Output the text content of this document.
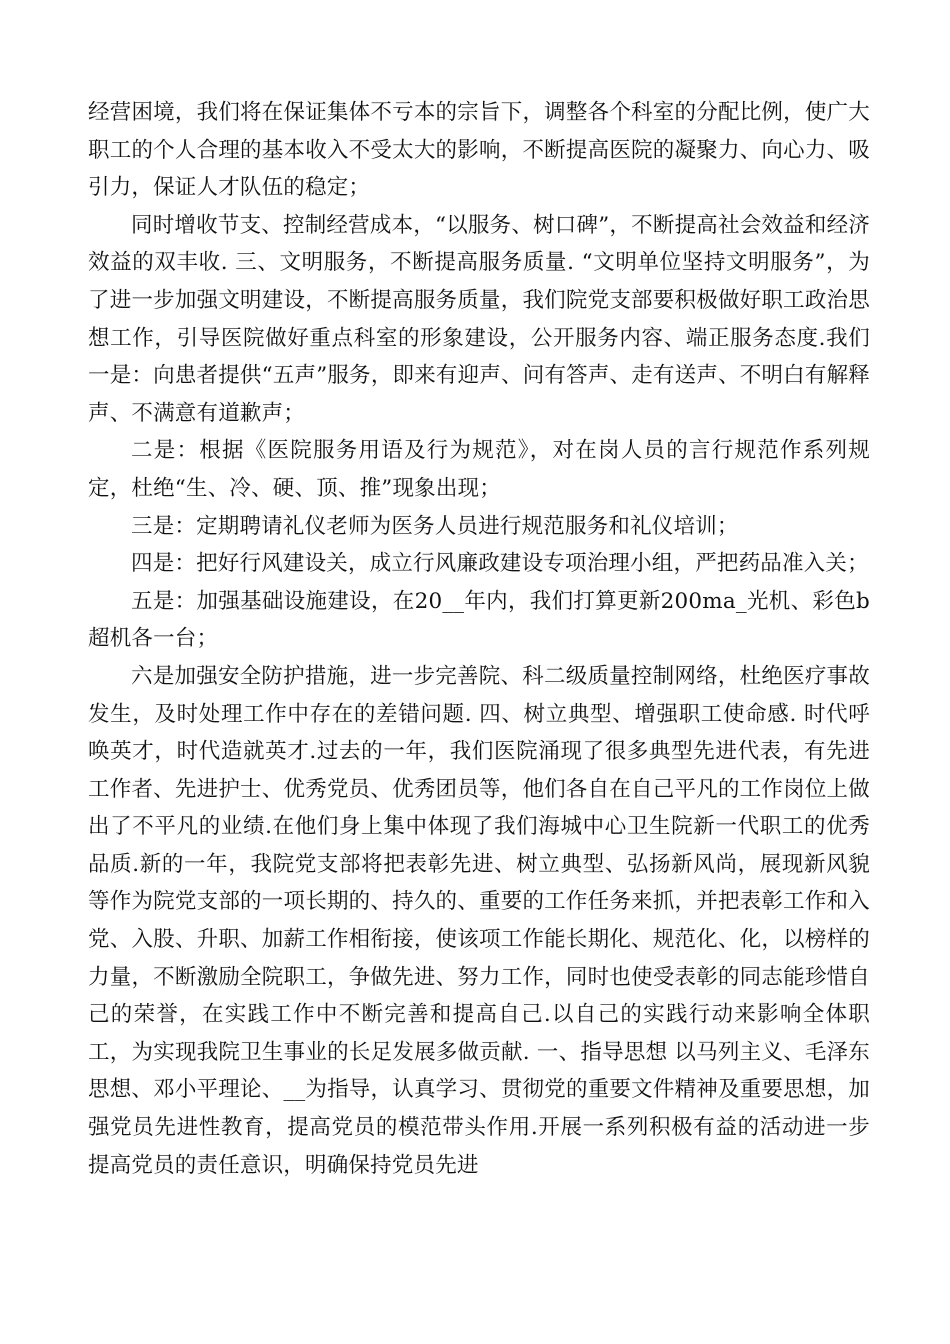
经营困境，我们将在保证集体不亏本的宗旨下，调整各个科室的分配比例，使广大职工的个人合理的基本收入不受太大的影响，不断提高医院的凝聚力、向心力、吸引力，保证人才队伍的稳定；

同时增收节支、控制经营成本，“以服务、树口碑”，不断提高社会效益和经济效益的双丰收. 三、文明服务，不断提高服务质量. “文明单位坚持文明服务”，为了进一步加强文明建设，不断提高服务质量，我们院党支部要积极做好职工政治思想工作，引导医院做好重点科室的形象建设，公开服务内容、端正服务态度.我们一是：向患者提供“五声”服务，即来有迎声、问有答声、走有送声、不明白有解释声、不满意有道歉声；

二是：根据《医院服务用语及行为规范》，对在岗人员的言行规范作系列规定，杜绝“生、冷、硬、顶、推”现象出现；

三是：定期聘请礼仪老师为医务人员进行规范服务和礼仪培训；

四是：把好行风建设关，成立行风廉政建设专项治理小组，严把药品准入关；

五是：加强基础设施建设，在20__年内，我们打算更新200ma_光机、彩色b超机各一台；

六是加强安全防护措施，进一步完善院、科二级质量控制网络，杜绝医疗事故发生，及时处理工作中存在的差错问题. 四、树立典型、增强职工使命感. 时代呼唤英才，时代造就英才.过去的一年，我们医院涌现了很多典型先进代表，有先进工作者、先进护士、优秀党员、优秀团员等，他们各自在自己平凡的工作岗位上做出了不平凡的业绩.在他们身上集中体现了我们海城中心卫生院新一代职工的优秀品质.新的一年，我院党支部将把表彰先进、树立典型、弘扬新风尚，展现新风貌等作为院党支部的一项长期的、持久的、重要的工作任务来抓，并把表彰工作和入党、入股、升职、加薪工作相衔接，使该项工作能长期化、规范化、化，以榜样的力量，不断激励全院职工，争做先进、努力工作，同时也使受表彰的同志能珍惜自己的荣誉，在实践工作中不断完善和提高自己.以自己的实践行动来影响全体职工，为实现我院卫生事业的长足发展多做贡献. 一、指导思想 以马列主义、毛泽东思想、邓小平理论、__为指导，认真学习、贯彻党的重要文件精神及重要思想，加强党员先进性教育，提高党员的模范带头作用.开展一系列积极有益的活动进一步提高党员的责任意识，明确保持党员先进
